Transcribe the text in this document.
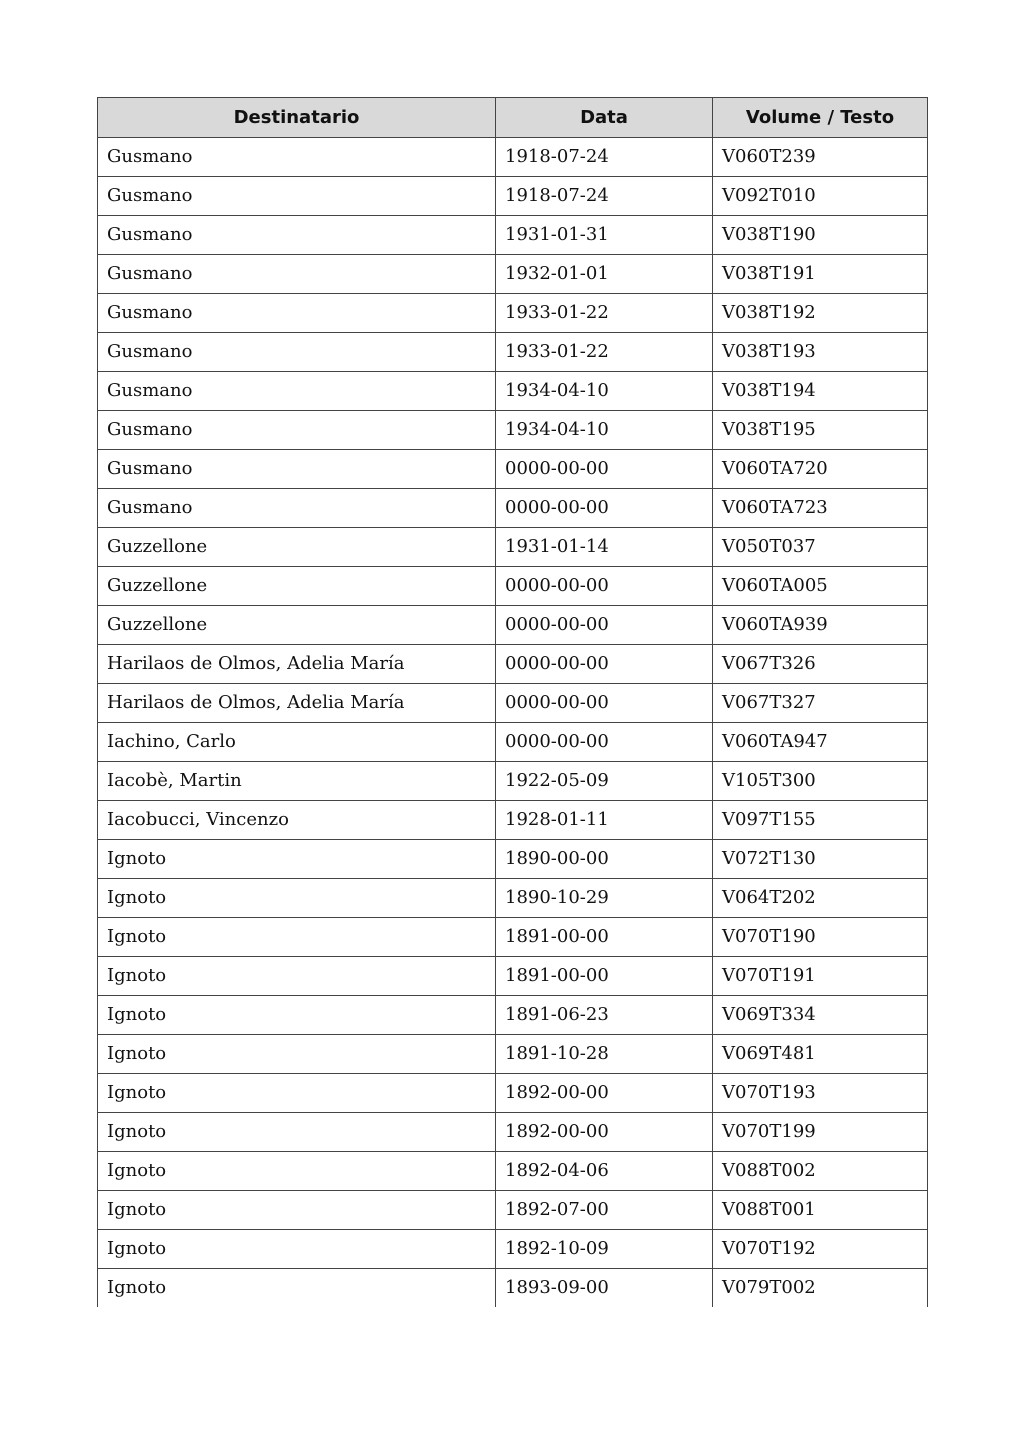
Destinatario	Data	Volume / Testo
Gusmano	1918-07-24	V060T239
Gusmano	1918-07-24	V092T010
Gusmano	1931-01-31	V038T190
Gusmano	1932-01-01	V038T191
Gusmano	1933-01-22	V038T192
Gusmano	1933-01-22	V038T193
Gusmano	1934-04-10	V038T194
Gusmano	1934-04-10	V038T195
Gusmano	0000-00-00	V060TA720
Gusmano	0000-00-00	V060TA723
Guzzellone	1931-01-14	V050T037
Guzzellone	0000-00-00	V060TA005
Guzzellone	0000-00-00	V060TA939
Harilaos de Olmos, Adelia María	0000-00-00	V067T326
Harilaos de Olmos, Adelia María	0000-00-00	V067T327
Iachino, Carlo	0000-00-00	V060TA947
Iacobè, Martin	1922-05-09	V105T300
Iacobucci, Vincenzo	1928-01-11	V097T155
Ignoto	1890-00-00	V072T130
Ignoto	1890-10-29	V064T202
Ignoto	1891-00-00	V070T190
Ignoto	1891-00-00	V070T191
Ignoto	1891-06-23	V069T334
Ignoto	1891-10-28	V069T481
Ignoto	1892-00-00	V070T193
Ignoto	1892-00-00	V070T199
Ignoto	1892-04-06	V088T002
Ignoto	1892-07-00	V088T001
Ignoto	1892-10-09	V070T192
Ignoto	1893-09-00	V079T002
